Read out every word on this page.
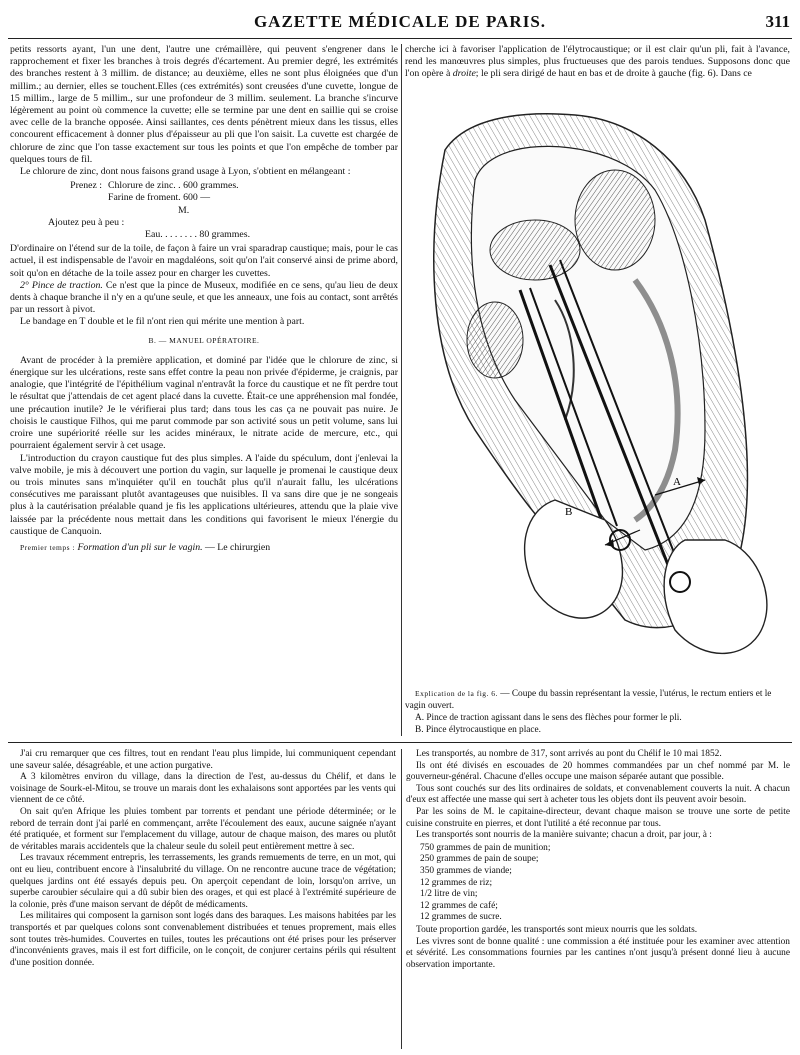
GAZETTE MÉDICALE DE PARIS.	311

petits ressorts ayant, l'un une dent, l'autre une crémaillère, qui peuvent s'engrener dans le rapprochement et fixer les branches à trois degrés d'écartement. Au premier degré, les extrémités des branches restent à 3 millim. de distance; au deuxième, elles ne sont plus éloignées que d'un millim.; au dernier, elles se touchent.Elles (ces extrémités) sont creusées d'une cuvette, longue de 15 millim., large de 5 millim., sur une profondeur de 3 millim. seulement. La branche s'incurve légèrement au point où commence la cuvette; elle se termine par une dent en saillie qui se croise avec celle de la branche opposée. Ainsi saillantes, ces dents pénètrent mieux dans les tissus, elles concourent efficacement à donner plus d'épaisseur au pli que l'on saisit. La cuvette est chargée de chlorure de zinc que l'on tasse exactement sur tous les points et que l'on empêche de tomber par quelques tours de fil.

Le chlorure de zinc, dont nous faisons grand usage à Lyon, s'obtient en mélangeant :

Prenez : Chlorure de zinc. . 600 grammes.
Farine de froment. 600 —
M.
Ajoutez peu à peu :
Eau. . . . . . . . 80 grammes.

D'ordinaire on l'étend sur de la toile, de façon à faire un vrai sparadrap caustique; mais, pour le cas actuel, il est indispensable de l'avoir en magdaléons, soit qu'on l'ait conservé ainsi de prime abord, soit qu'on en détache de la toile assez pour en charger les cuvettes.

2° Pince de traction. Ce n'est que la pince de Museux, modifiée en ce sens, qu'au lieu de deux dents à chaque branche il n'y en a qu'une seule, et que les anneaux, une fois au contact, sont arrêtés par un ressort à pivot.

Le bandage en T double et le fil n'ont rien qui mérite une mention à part.

B. — MANUEL OPÉRATOIRE.

Avant de procéder à la première application, et dominé par l'idée que le chlorure de zinc, si énergique sur les ulcérations, reste sans effet contre la peau non privée d'épiderme, je craignis, par analogie, que l'intégrité de l'épithélium vaginal n'entravât la force du caustique et ne fît perdre tout le résultat que j'attendais de cet agent placé dans la cuvette. Était-ce une appréhension mal fondée, une précaution inutile? Je le vérifierai plus tard; dans tous les cas ça ne pouvait pas nuire. Je choisis le caustique Filhos, qui me parut commode par son activité sous un petit volume, sans lui croire une supériorité réelle sur les acides minéraux, le nitrate acide de mercure, etc., qui pourraient également servir à cet usage.

L'introduction du crayon caustique fut des plus simples. A l'aide du spéculum, dont j'enlevai la valve mobile, je mis à découvert une portion du vagin, sur laquelle je promenai le caustique deux ou trois minutes sans m'inquiéter qu'il en touchât plus qu'il n'aurait fallu, les ulcérations consécutives me paraissant plutôt avantageuses que nuisibles. Il va sans dire que je ne songeais plus à la cautérisation préalable quand je fis les applications ultérieures, attendu que la plaie vive laissée par la précédente nous mettait dans les conditions qui favorisent le mieux l'énergie du caustique de Canquoin.

Premier temps : Formation d'un pli sur le vagin. — Le chirurgien

cherche ici à favoriser l'application de l'élytrocaustique; or il est clair qu'un pli, fait à l'avance, rend les manœuvres plus simples, plus fructueuses que des parois tendues. Supposons donc que l'on opère à droite; le pli sera dirigé de haut en bas et de droite à gauche (fig. 6). Dans ce

A
B

Explication de la fig. 6. — Coupe du bassin représentant la vessie, l'utérus, le rectum entiers et le vagin ouvert.

A. Pince de traction agissant dans le sens des flèches pour former le pli.

B. Pince élytrocaustique en place.

J'ai cru remarquer que ces filtres, tout en rendant l'eau plus limpide, lui communiquent cependant une saveur salée, désagréable, et une action purgative.

A 3 kilomètres environ du village, dans la direction de l'est, au-dessus du Chélif, et dans le voisinage de Sourk-el-Mitou, se trouve un marais dont les exhalaisons sont apportées par les vents qui viennent de ce côté.

On sait qu'en Afrique les pluies tombent par torrents et pendant une période déterminée; or le rebord de terrain dont j'ai parlé en commençant, arrête l'écoulement des eaux, aucune saignée n'ayant été pratiquée, et forment sur l'emplacement du village, autour de chaque maison, des mares ou plutôt de véritables marais accidentels que la chaleur seule du soleil peut entièrement mettre à sec.

Les travaux récemment entrepris, les terrassements, les grands remuements de terre, en un mot, qui ont eu lieu, contribuent encore à l'insalubrité du village. On ne rencontre aucune trace de végétation; quelques jardins ont été essayés depuis peu. On aperçoit cependant de loin, lorsqu'on arrive, un superbe caroubier séculaire qui a dû subir bien des orages, et qui est placé à l'extrémité supérieure de la colonie, près d'une maison servant de dépôt de médicaments.

Les militaires qui composent la garnison sont logés dans des baraques. Les maisons habitées par les transportés et par quelques colons sont convenablement distribuées et tenues proprement, mais elles sont toutes très-humides. Couvertes en tuiles, toutes les précautions ont été prises pour les préserver d'inconvénients graves, mais il est fort difficile, on le conçoit, de conjurer certains périls qui résultent d'une position donnée.

Les transportés, au nombre de 317, sont arrivés au pont du Chélif le 10 mai 1852.

Ils ont été divisés en escouades de 20 hommes commandées par un chef nommé par M. le gouverneur-général. Chacune d'elles occupe une maison séparée autant que possible.

Tous sont couchés sur des lits ordinaires de soldats, et convenablement couverts la nuit. A chacun d'eux est affectée une masse qui sert à acheter tous les objets dont ils peuvent avoir besoin.

Par les soins de M. le capitaine-directeur, devant chaque maison se trouve une sorte de petite cuisine construite en pierres, et dont l'utilité a été reconnue par tous.

Les transportés sont nourris de la manière suivante; chacun a droit, par jour, à :

750 grammes de pain de munition;
250 grammes de pain de soupe;
350 grammes de viande;
12 grammes de riz;
1/2 litre de vin;
12 grammes de café;
12 grammes de sucre.

Toute proportion gardée, les transportés sont mieux nourris que les soldats.

Les vivres sont de bonne qualité : une commission a été instituée pour les examiner avec attention et sévérité. Les consommations fournies par les cantines n'ont jusqu'à présent donné lieu à aucune observation importante.
